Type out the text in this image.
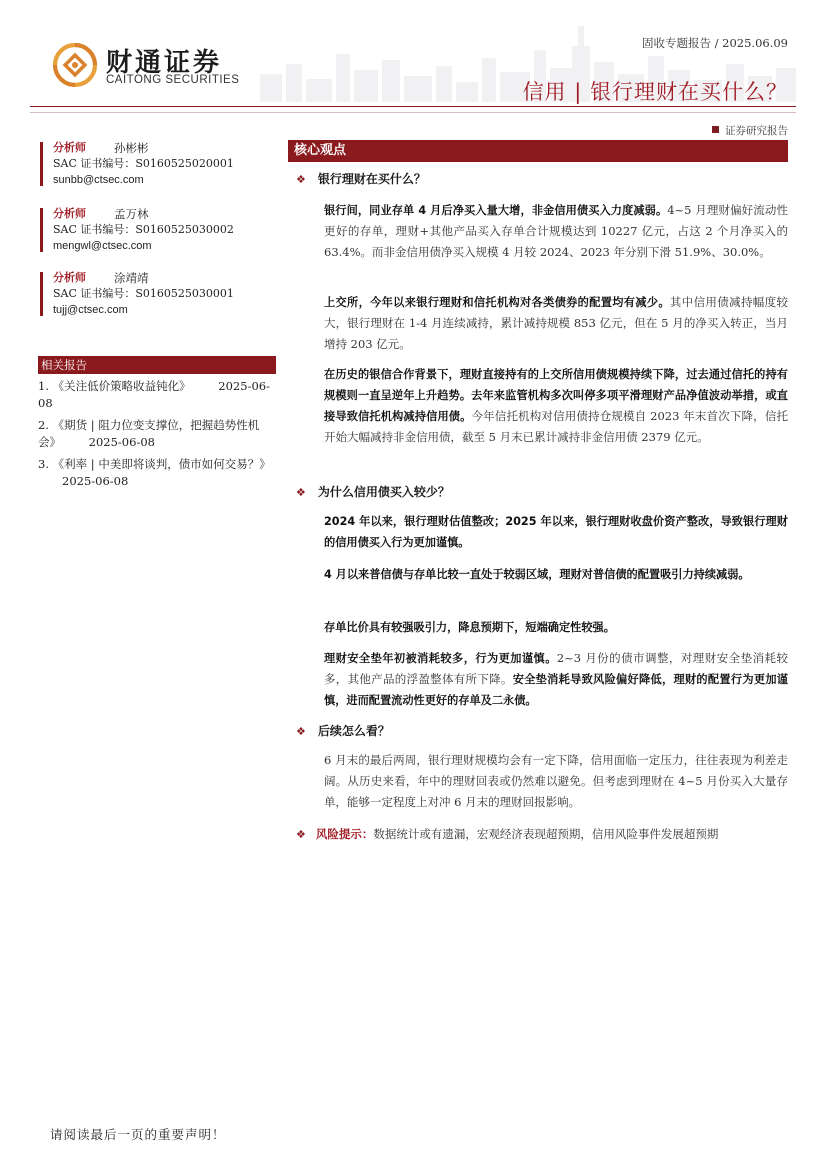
财通证券
CAITONG SECURITIES
固收专题报告 / 2025.06.09
信用 | 银行理财在买什么？
证券研究报告
分析师 孙彬彬
SAC 证书编号：S0160525020001
sunbb@ctsec.com
分析师 孟万林
SAC 证书编号：S0160525030002
mengwl@ctsec.com
分析师 涂靖靖
SAC 证书编号：S0160525030001
tujj@ctsec.com
相关报告
1. 《关注低价策略收益钝化》 2025-06-08
2. 《期货 | 阻力位变支撑位，把握趋势性机会》 2025-06-08
3. 《利率 | 中美即将谈判，债市如何交易？》 2025-06-08
核心观点
❖ 银行理财在买什么？
银行间，同业存单 4 月后净买入量大增，非金信用债买入力度减弱。4~5 月理财偏好流动性更好的存单，理财+其他产品买入存单合计规模达到 10227 亿元，占这 2 个月净买入的 63.4%。而非金信用债净买入规模 4 月较 2024、2023 年分别下滑 51.9%、30.0%。
上交所，今年以来银行理财和信托机构对各类债券的配置均有减少。其中信用债减持幅度较大，银行理财在 1-4 月连续减持，累计减持规模 853 亿元，但在 5 月的净买入转正，当月增持 203 亿元。
在历史的银信合作背景下，理财直接持有的上交所信用债规模持续下降，过去通过信托的持有规模则一直呈逆年上升趋势。去年来监管机构多次叫停多项平滑理财产品净值波动举措，或直接导致信托机构减持信用债。今年信托机构对信用债持仓规模自 2023 年末首次下降，信托开始大幅减持非金信用债，截至 5 月末已累计减持非金信用债 2379 亿元。
❖ 为什么信用债买入较少？
2024 年以来，银行理财估值整改；2025 年以来，银行理财收盘价资产整改，导致银行理财的信用债买入行为更加谨慎。
4 月以来普信债与存单比较一直处于较弱区域，理财对普信债的配置吸引力持续减弱。
存单比价具有较强吸引力，降息预期下，短端确定性较强。
理财安全垫年初被消耗较多，行为更加谨慎。2~3 月份的债市调整，对理财安全垫消耗较多，其他产品的浮盈整体有所下降。安全垫消耗导致风险偏好降低，理财的配置行为更加谨慎，进而配置流动性更好的存单及二永债。
❖ 后续怎么看？
6 月末的最后两周，银行理财规模均会有一定下降，信用面临一定压力，往往表现为利差走阔。从历史来看，年中的理财回表或仍然难以避免。但考虑到理财在 4~5 月份买入大量存单，能够一定程度上对冲 6 月末的理财回报影响。
❖ 风险提示：数据统计或有遗漏，宏观经济表现超预期，信用风险事件发展超预期
请阅读最后一页的重要声明！
